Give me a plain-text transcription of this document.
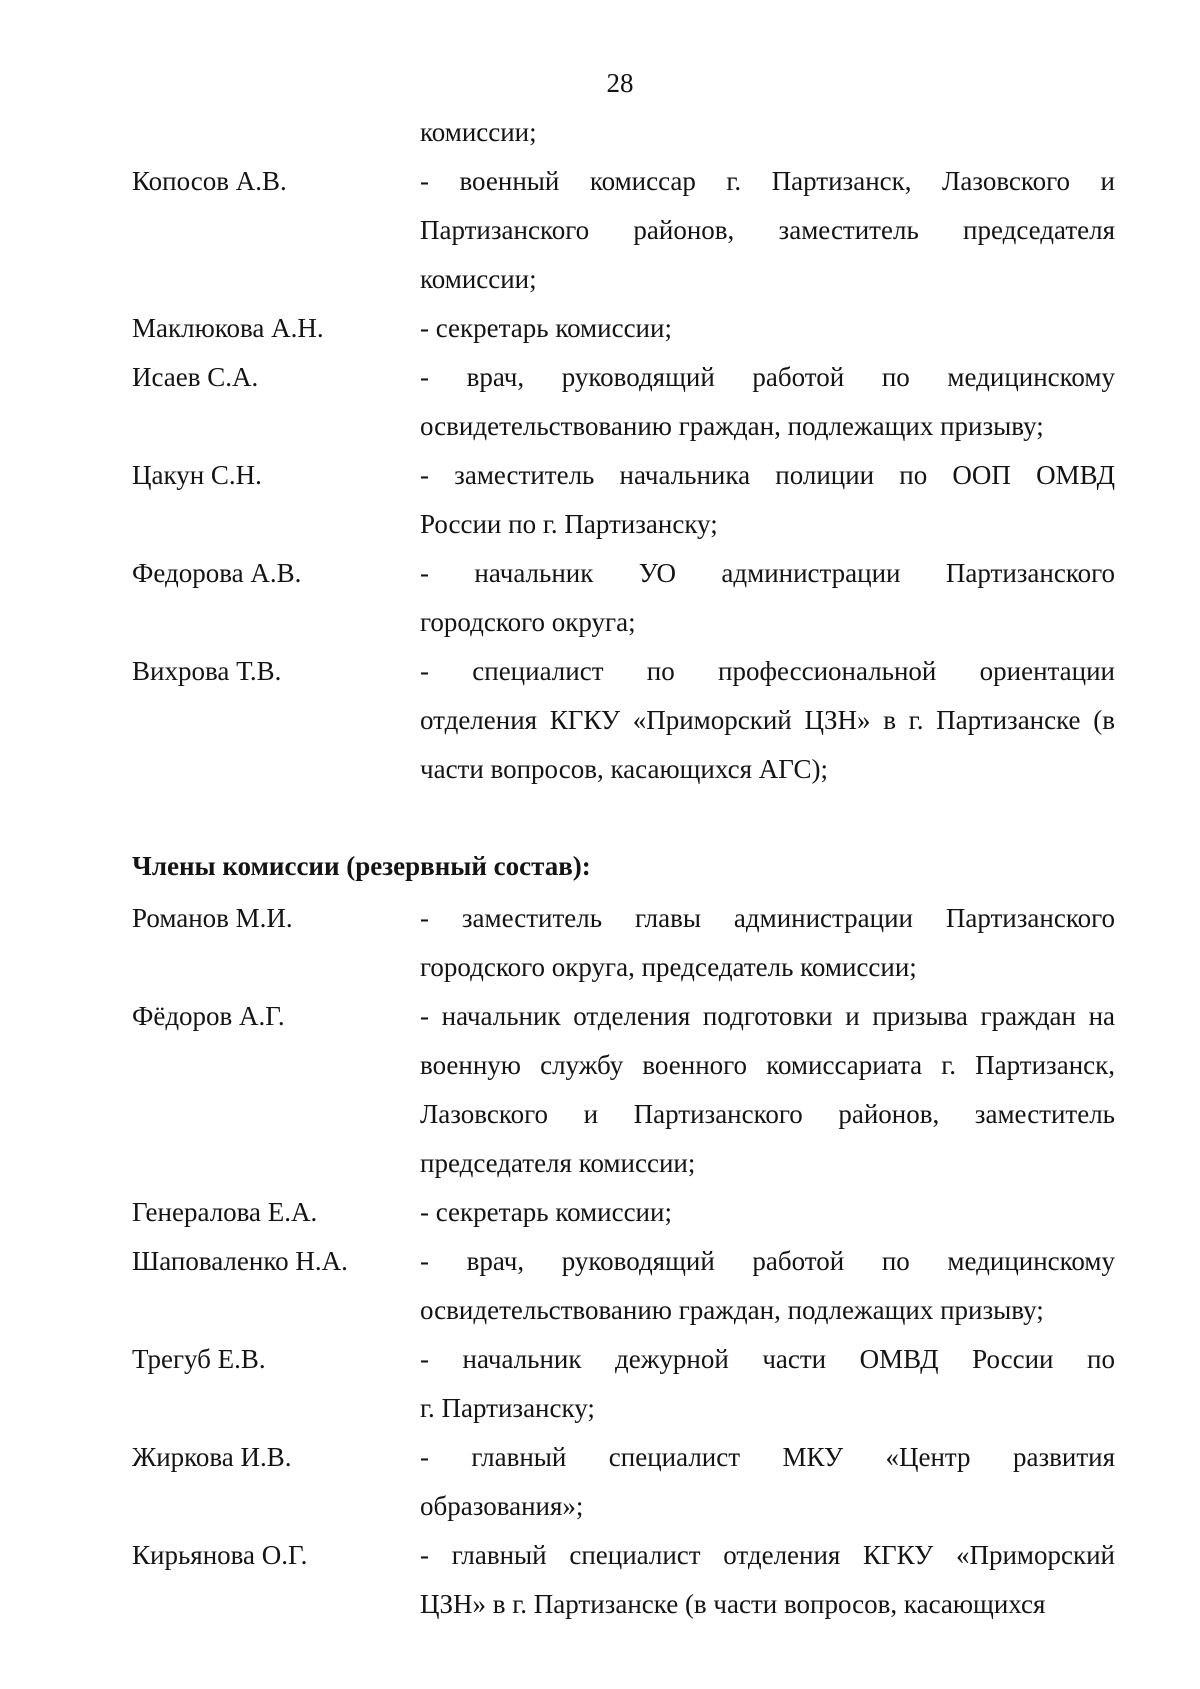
28
комиссии;
Копосов А.В.	- военный комиссар г. Партизанск, Лазовского и
Партизанского районов, заместитель председателя
комиссии;
Маклюкова А.Н.	- секретарь комиссии;
Исаев С.А.	- врач, руководящий работой по медицинскому
освидетельствованию граждан, подлежащих призыву;
Цакун С.Н.	- заместитель начальника полиции по ООП ОМВД
России по г. Партизанску;
Федорова А.В.	- начальник УО администрации Партизанского
городского округа;
Вихрова Т.В.	- специалист по профессиональной ориентации
отделения КГКУ «Приморский ЦЗН» в г. Партизанске (в
части вопросов, касающихся АГС);
Члены комиссии (резервный состав):
Романов М.И.	- заместитель главы администрации Партизанского
городского округа, председатель комиссии;
Фёдоров А.Г.	- начальник отделения подготовки и призыва граждан на
военную службу военного комиссариата г. Партизанск,
Лазовского и Партизанского районов, заместитель
председателя комиссии;
Генералова Е.А.	- секретарь комиссии;
Шаповаленко Н.А.	- врач, руководящий работой по медицинскому
освидетельствованию граждан, подлежащих призыву;
Трегуб Е.В.	- начальник дежурной части ОМВД России по
г. Партизанску;
Жиркова И.В.	- главный специалист МКУ «Центр развития
образования»;
Кирьянова О.Г.	- главный специалист отделения КГКУ «Приморский
ЦЗН» в г. Партизанске (в части вопросов, касающихся
